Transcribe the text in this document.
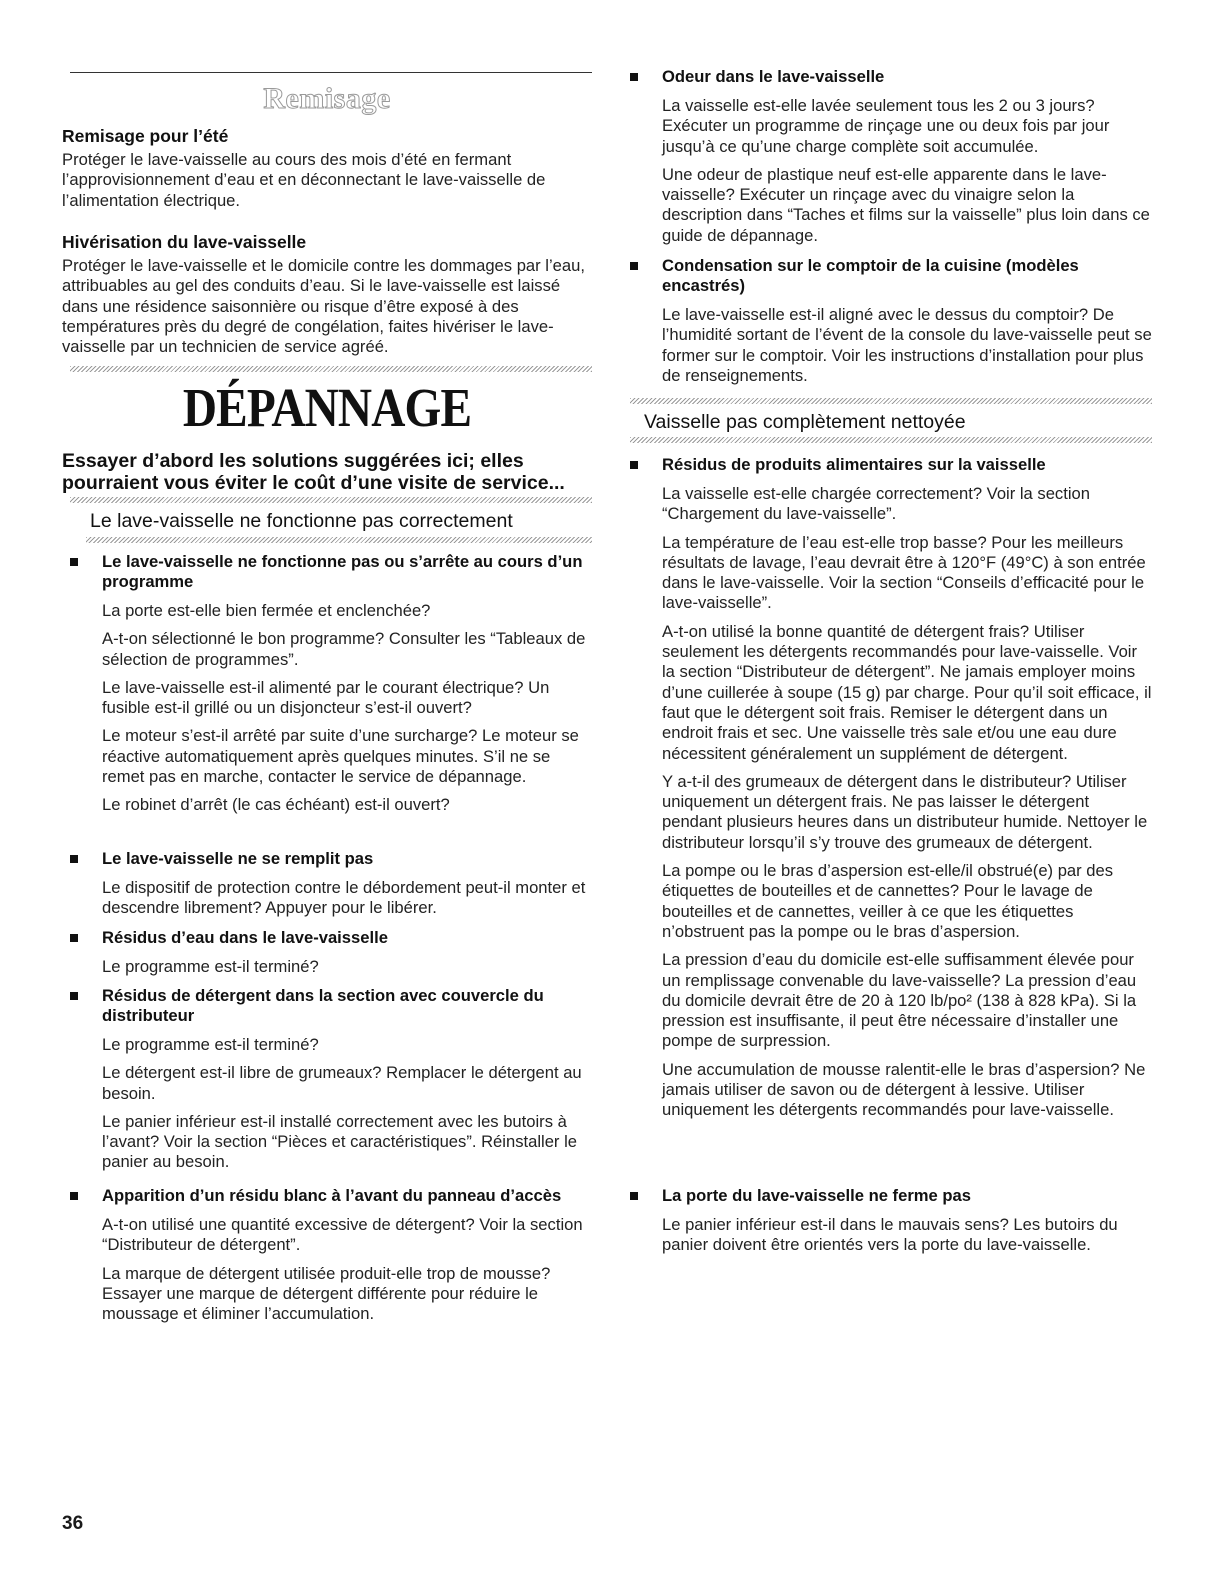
Remisage
Remisage pour l’été

Protéger le lave-vaisselle au cours des mois d’été en fermant l’approvisionnement d’eau et en déconnectant le lave-vaisselle de l’alimentation électrique.

Hivérisation du lave-vaisselle

Protéger le lave-vaisselle et le domicile contre les dommages par l’eau, attribuables au gel des conduits d’eau. Si le lave-vaisselle est laissé dans une résidence saisonnière ou risque d’être exposé à des températures près du degré de congélation, faites hivériser le lave-vaisselle par un technicien de service agréé.

DÉPANNAGE

Essayer d’abord les solutions suggérées ici; elles pourraient vous éviter le coût d’une visite de service...

Le lave-vaisselle ne fonctionne pas correctement

Le lave-vaisselle ne fonctionne pas ou s’arrête au cours d’un programme

La porte est-elle bien fermée et enclenchée?

A-t-on sélectionné le bon programme? Consulter les “Tableaux de sélection de programmes”.

Le lave-vaisselle est-il alimenté par le courant électrique? Un fusible est-il grillé ou un disjoncteur s’est-il ouvert?

Le moteur s’est-il arrêté par suite d’une surcharge? Le moteur se réactive automatiquement après quelques minutes. S’il ne se remet pas en marche, contacter le service de dépannage.

Le robinet d’arrêt (le cas échéant) est-il ouvert?

Le lave-vaisselle ne se remplit pas

Le dispositif de protection contre le débordement peut-il monter et descendre librement? Appuyer pour le libérer.

Résidus d’eau dans le lave-vaisselle

Le programme est-il terminé?

Résidus de détergent dans la section avec couvercle du distributeur

Le programme est-il terminé?

Le détergent est-il libre de grumeaux? Remplacer le détergent au besoin.

Le panier inférieur est-il installé correctement avec les butoirs à l’avant? Voir la section “Pièces et caractéristiques”. Réinstaller le panier au besoin.

Apparition d’un résidu blanc à l’avant du panneau d’accès

A-t-on utilisé une quantité excessive de détergent? Voir la section “Distributeur de détergent”.

La marque de détergent utilisée produit-elle trop de mousse? Essayer une marque de détergent différente pour réduire le moussage et éliminer l’accumulation.

Odeur dans le lave-vaisselle

La vaisselle est-elle lavée seulement tous les 2 ou 3 jours? Exécuter un programme de rinçage une ou deux fois par jour jusqu’à ce qu’une charge complète soit accumulée.

Une odeur de plastique neuf est-elle apparente dans le lave-vaisselle? Exécuter un rinçage avec du vinaigre selon la description dans “Taches et films sur la vaisselle” plus loin dans ce guide de dépannage.

Condensation sur le comptoir de la cuisine (modèles encastrés)

Le lave-vaisselle est-il aligné avec le dessus du comptoir? De l’humidité sortant de l’évent de la console du lave-vaisselle peut se former sur le comptoir. Voir les instructions d’installation pour plus de renseignements.

Vaisselle pas complètement nettoyée

Résidus de produits alimentaires sur la vaisselle

La vaisselle est-elle chargée correctement? Voir la section “Chargement du lave-vaisselle”.

La température de l’eau est-elle trop basse? Pour les meilleurs résultats de lavage, l’eau devrait être à 120°F (49°C) à son entrée dans le lave-vaisselle. Voir la section “Conseils d’efficacité pour le lave-vaisselle”.

A-t-on utilisé la bonne quantité de détergent frais? Utiliser seulement les détergents recommandés pour lave-vaisselle. Voir la section “Distributeur de détergent”. Ne jamais employer moins d’une cuillerée à soupe (15 g) par charge. Pour qu’il soit efficace, il faut que le détergent soit frais. Remiser le détergent dans un endroit frais et sec. Une vaisselle très sale et/ou une eau dure nécessitent généralement un supplément de détergent.

Y a-t-il des grumeaux de détergent dans le distributeur? Utiliser uniquement un détergent frais. Ne pas laisser le détergent pendant plusieurs heures dans un distributeur humide. Nettoyer le distributeur lorsqu’il s’y trouve des grumeaux de détergent.

La pompe ou le bras d’aspersion est-elle/il obstrué(e) par des étiquettes de bouteilles et de cannettes? Pour le lavage de bouteilles et de cannettes, veiller à ce que les étiquettes n’obstruent pas la pompe ou le bras d’aspersion.

La pression d’eau du domicile est-elle suffisamment élevée pour un remplissage convenable du lave-vaisselle? La pression d’eau du domicile devrait être de 20 à 120 lb/po² (138 à 828 kPa). Si la pression est insuffisante, il peut être nécessaire d’installer une pompe de surpression.

Une accumulation de mousse ralentit-elle le bras d’aspersion? Ne jamais utiliser de savon ou de détergent à lessive. Utiliser uniquement les détergents recommandés pour lave-vaisselle.

La porte du lave-vaisselle ne ferme pas

Le panier inférieur est-il dans le mauvais sens? Les butoirs du panier doivent être orientés vers la porte du lave-vaisselle.

36
